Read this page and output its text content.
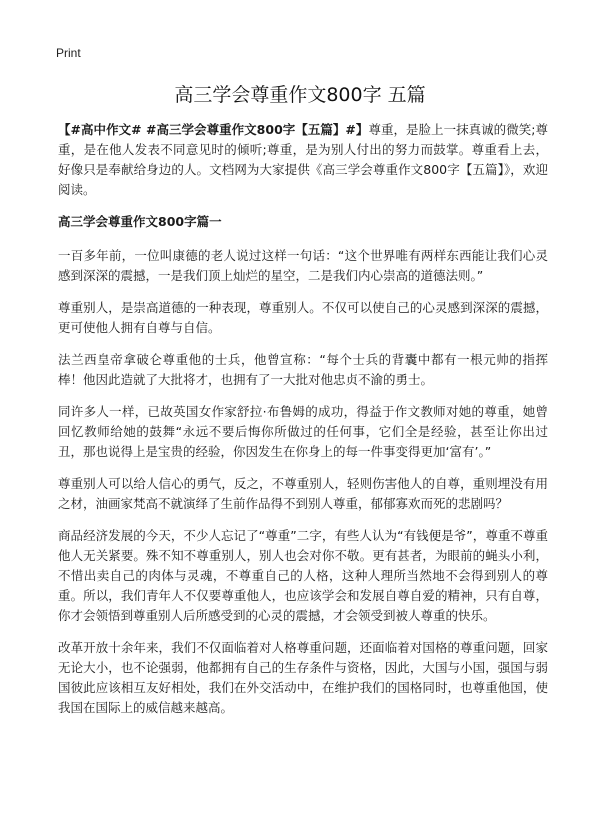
Print
高三学会尊重作文800字 五篇

【#高中作文# #高三学会尊重作文800字【五篇】#】尊重，是脸上一抹真诚的微笑;尊重，是在他人发表不同意见时的倾听;尊重，是为别人付出的努力而鼓掌。尊重看上去，好像只是奉献给身边的人。文档网为大家提供《高三学会尊重作文800字【五篇】》，欢迎阅读。

高三学会尊重作文800字篇一

一百多年前，一位叫康德的老人说过这样一句话：“这个世界唯有两样东西能让我们心灵感到深深的震撼，一是我们顶上灿烂的星空，二是我们内心崇高的道德法则。”

尊重别人，是崇高道德的一种表现，尊重别人。不仅可以使自己的心灵感到深深的震撼，更可使他人拥有自尊与自信。

法兰西皇帝拿破仑尊重他的士兵，他曾宣称：“每个士兵的背囊中都有一根元帅的指挥棒！他因此造就了大批将才，也拥有了一大批对他忠贞不渝的勇士。

同许多人一样，已故英国女作家舒拉·布鲁姆的成功，得益于作文教师对她的尊重，她曾回忆教师给她的鼓舞“永远不要后悔你所做过的任何事，它们全是经验，甚至让你出过丑，那也说得上是宝贵的经验，你因发生在你身上的每一件事变得更加‘富有’。”

尊重别人可以给人信心的勇气，反之，不尊重别人，轻则伤害他人的自尊，重则埋没有用之材，油画家梵高不就演绎了生前作品得不到别人尊重，郁郁寡欢而死的悲剧吗？

商品经济发展的今天，不少人忘记了“尊重”二字，有些人认为“有钱便是爷”，尊重不尊重他人无关紧要。殊不知不尊重别人，别人也会对你不敬。更有甚者，为眼前的蝇头小利，不惜出卖自己的肉体与灵魂，不尊重自己的人格，这种人理所当然地不会得到别人的尊重。所以，我们青年人不仅要尊重他人，也应该学会和发展自尊自爱的精神，只有自尊，你才会领悟到尊重别人后所感受到的心灵的震撼，才会领受到被人尊重的快乐。

改革开放十余年来，我们不仅面临着对人格尊重问题，还面临着对国格的尊重问题，回家无论大小，也不论强弱，他都拥有自己的生存条件与资格，因此，大国与小国，强国与弱国彼此应该相互友好相处，我们在外交活动中，在维护我们的国格同时，也尊重他国，使我国在国际上的威信越来越高。
